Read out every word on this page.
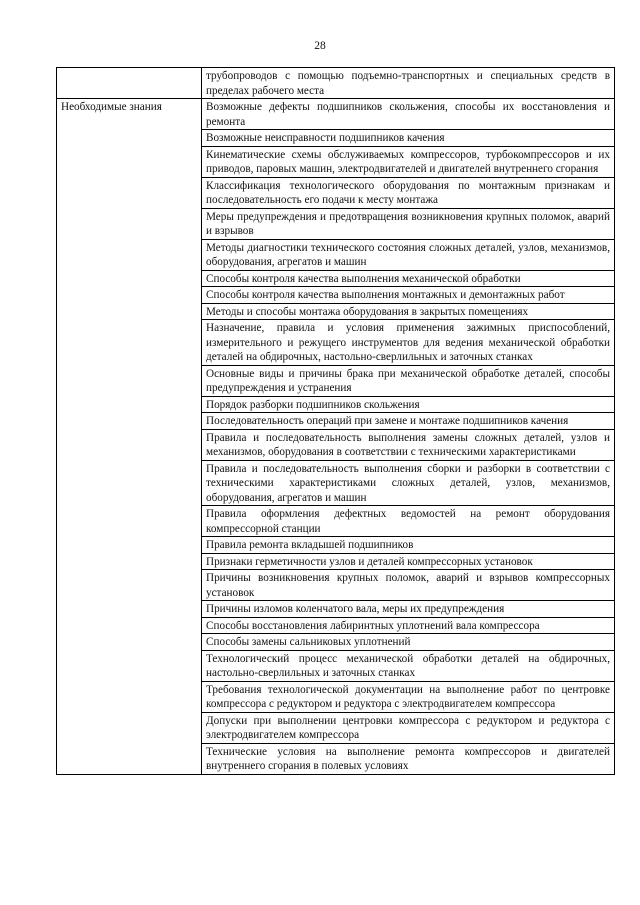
28
	трубопроводов с помощью подъемно-транспортных и специальных средств в пределах рабочего места
Необходимые знания	Возможные дефекты подшипников скольжения, способы их восстановления и ремонта
	Возможные неисправности подшипников качения
	Кинематические схемы обслуживаемых компрессоров, турбокомпрессоров и их приводов, паровых машин, электродвигателей и двигателей внутреннего сгорания
	Классификация технологического оборудования по монтажным признакам и последовательность его подачи к месту монтажа
	Меры предупреждения и предотвращения возникновения крупных поломок, аварий и взрывов
	Методы диагностики технического состояния сложных деталей, узлов, механизмов, оборудования, агрегатов и машин
	Способы контроля качества выполнения механической обработки
	Способы контроля качества выполнения монтажных и демонтажных работ
	Методы и способы монтажа оборудования в закрытых помещениях
	Назначение, правила и условия применения зажимных приспособлений, измерительного и режущего инструментов для ведения механической обработки деталей на обдирочных, настольно-сверлильных и заточных станках
	Основные виды и причины брака при механической обработке деталей, способы предупреждения и устранения
	Порядок разборки подшипников скольжения
	Последовательность операций при замене и монтаже подшипников качения
	Правила и последовательность выполнения замены сложных деталей, узлов и механизмов, оборудования в соответствии с техническими характеристиками
	Правила и последовательность выполнения сборки и разборки в соответствии с техническими характеристиками сложных деталей, узлов, механизмов, оборудования, агрегатов и машин
	Правила оформления дефектных ведомостей на ремонт оборудования компрессорной станции
	Правила ремонта вкладышей подшипников
	Признаки герметичности узлов и деталей компрессорных установок
	Причины возникновения крупных поломок, аварий и взрывов компрессорных установок
	Причины изломов коленчатого вала, меры их предупреждения
	Способы восстановления лабиринтных уплотнений вала компрессора
	Способы замены сальниковых уплотнений
	Технологический процесс механической обработки деталей на обдирочных, настольно-сверлильных и заточных станках
	Требования технологической документации на выполнение работ по центровке компрессора с редуктором и редуктора с электродвигателем компрессора
	Допуски при выполнении центровки компрессора с редуктором и редуктора с электродвигателем компрессора
	Технические условия на выполнение ремонта компрессоров и двигателей внутреннего сгорания в полевых условиях
